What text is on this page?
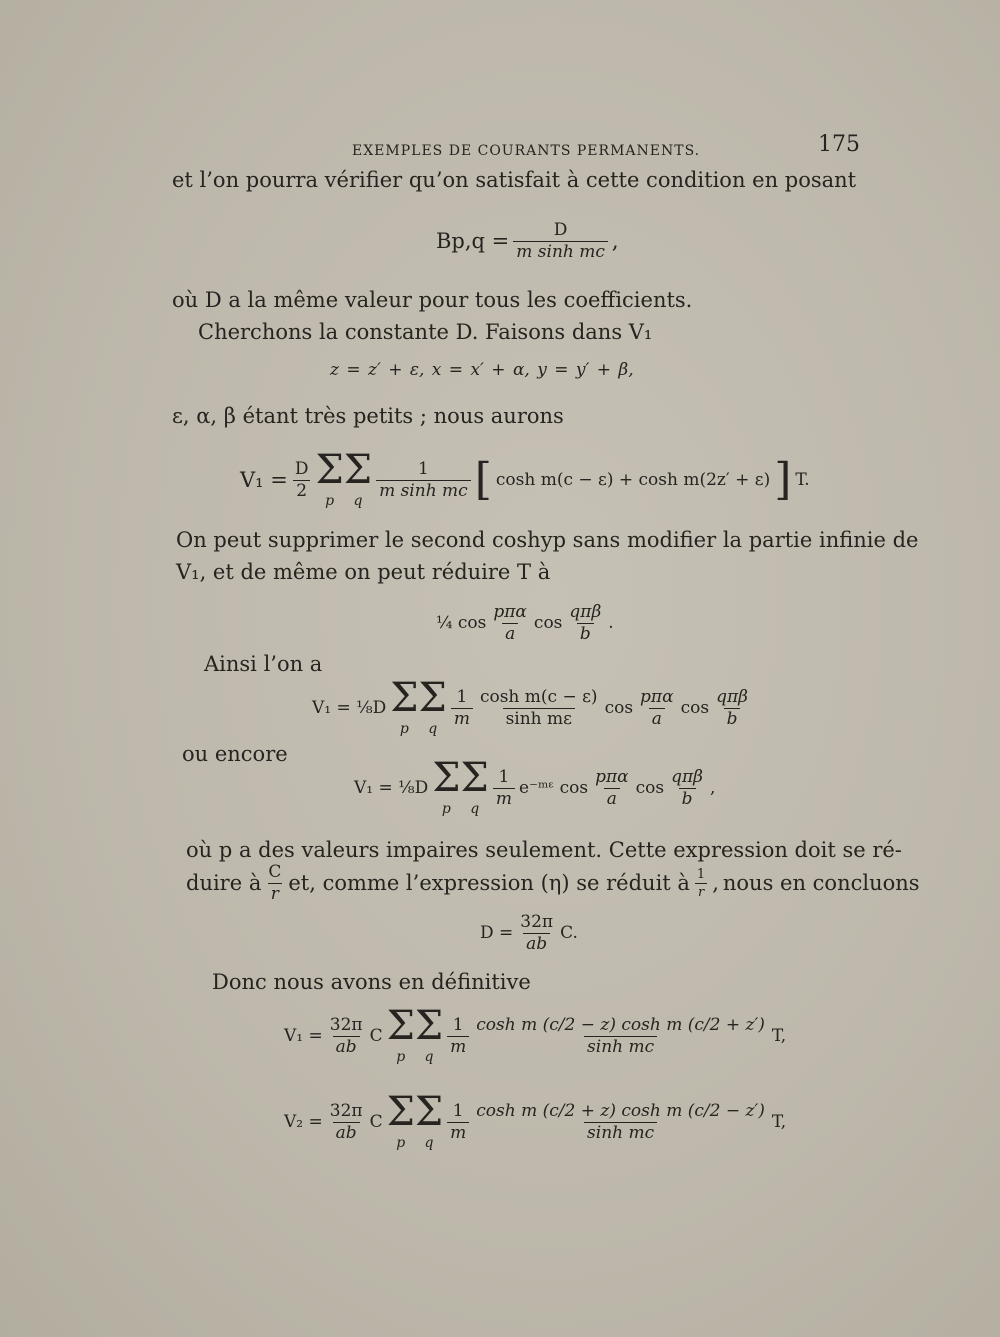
EXEMPLES DE COURANTS PERMANENTS.	175
et l’on pourra vérifier qu’on satisfait à cette condition en posant
$Bp,q = \frac{D}{\text{m sinh mc}}$ ,
où D a la même valeur pour tous les coefficients.
Cherchons la constante D. Faisons dans V₁
z = z′ + ε, x = x′ + α, y = y′ + β,
ε, α, β étant très petits ; nous aurons
$V_1 = \frac{D}{2}$ Σ
p
Σ
q
$\frac{1}{\text{m sinh mc}}$ [ cosh m(c − ε) + cosh m(2z′ + ε) ] T.
On peut supprimer le second coshyp sans modifier la partie infinie de
V₁, et de même on peut réduire T à
¼ $\cos \frac{\text{pπα}}{a}$ $\cos \frac{\text{qπβ}}{b}$ .
Ainsi l’on a
V₁ = ⅛D Σ
p
Σ
q
$\frac{1}{m} \frac{\text{cosh m(c − ε)}}{\text{sinh mε}}$ $\cos \frac{\text{pπα}}{a}$ $\cos \frac{\text{qπβ}}{b}$
ou encore
V₁ = ⅛D Σ
p
Σ
q
$\frac{1}{m}$ e⁻ᵐᵋ $\cos \frac{\text{pπα}}{a}$ $\cos \frac{\text{qπβ}}{b}$ ,
où p a des valeurs impaires seulement. Cette expression doit se ré-
duire à $\frac{C}{r}$ et, comme l’expression (η) se réduit à $\frac{1}{r}$ , nous en concluons
$D = \frac{32\pi}{ab} C$.
Donc nous avons en définitive
$V_1 = \frac{32\pi}{ab}$ C Σ
p
Σ
q
$\frac{1}{m} \frac{\text{cosh m (c/2 − z) cosh m (c/2 + z′)}}{\text{sinh mc}} T$,
$V_2 = \frac{32\pi}{ab}$ C Σ
p
Σ
q
$\frac{1}{m} \frac{\text{cosh m (c/2 + z) cosh m (c/2 − z′)}}{\text{sinh mc}} T$,
